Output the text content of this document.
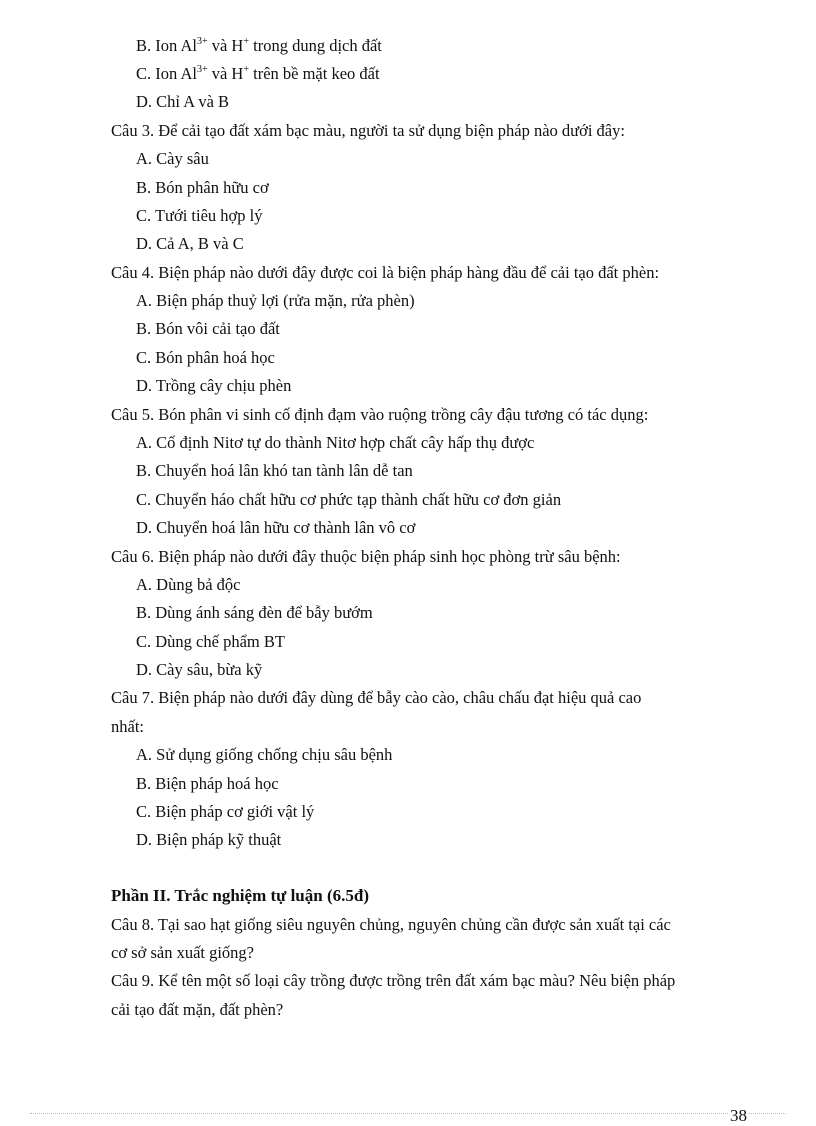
B. Ion $Al^{3+}$ và H+ trong dung dịch đất
C. Ion $Al^{3+}$ và H+ trên bề mặt keo đất
D. Chỉ A và B
Câu 3. Để cải tạo đất xám bạc màu, người ta sử dụng biện pháp nào dưới đây:
A. Cày sâu
B. Bón phân hữu cơ
C. Tưới tiêu hợp lý
D. Cả A, B và C
Câu 4. Biện pháp nào dưới đây được coi là biện pháp hàng đầu để cải tạo đất phèn:
A. Biện pháp thuỷ lợi (rửa mặn, rửa phèn)
B. Bón vôi cải tạo đất
C. Bón phân hoá học
D. Trồng cây chịu phèn
Câu 5. Bón phân vi sinh cố định đạm vào ruộng trồng cây đậu tương có tác dụng:
A. Cố định Nitơ tự do thành Nitơ hợp chất cây hấp thụ được
B. Chuyển hoá lân khó tan tành lân dễ tan
C. Chuyển háo chất hữu cơ phức tạp thành chất hữu cơ đơn giản
D. Chuyển hoá lân hữu cơ thành lân vô cơ
Câu 6. Biện pháp nào dưới đây thuộc biện pháp sinh học phòng trừ sâu bệnh:
A. Dùng bả độc
B. Dùng ánh sáng đèn để bẫy bướm
C. Dùng chế phẩm BT
D. Cày sâu, bừa kỹ
Câu 7. Biện pháp nào dưới đây dùng để bẫy cào cào, châu chấu đạt hiệu quả cao
nhất:
A. Sử dụng giống chống chịu sâu bệnh
B. Biện pháp hoá học
C. Biện pháp cơ giới vật lý
D. Biện pháp kỹ thuật
Phần II. Trắc nghiệm tự luận (6.5đ)
Câu 8. Tại sao hạt giống siêu nguyên chủng, nguyên chủng cần được sản xuất tại các
cơ sở sản xuất giống?
Câu 9. Kể tên một số loại cây trồng được trồng trên đất xám bạc màu? Nêu biện pháp
cải tạo đất mặn, đất phèn?
38
